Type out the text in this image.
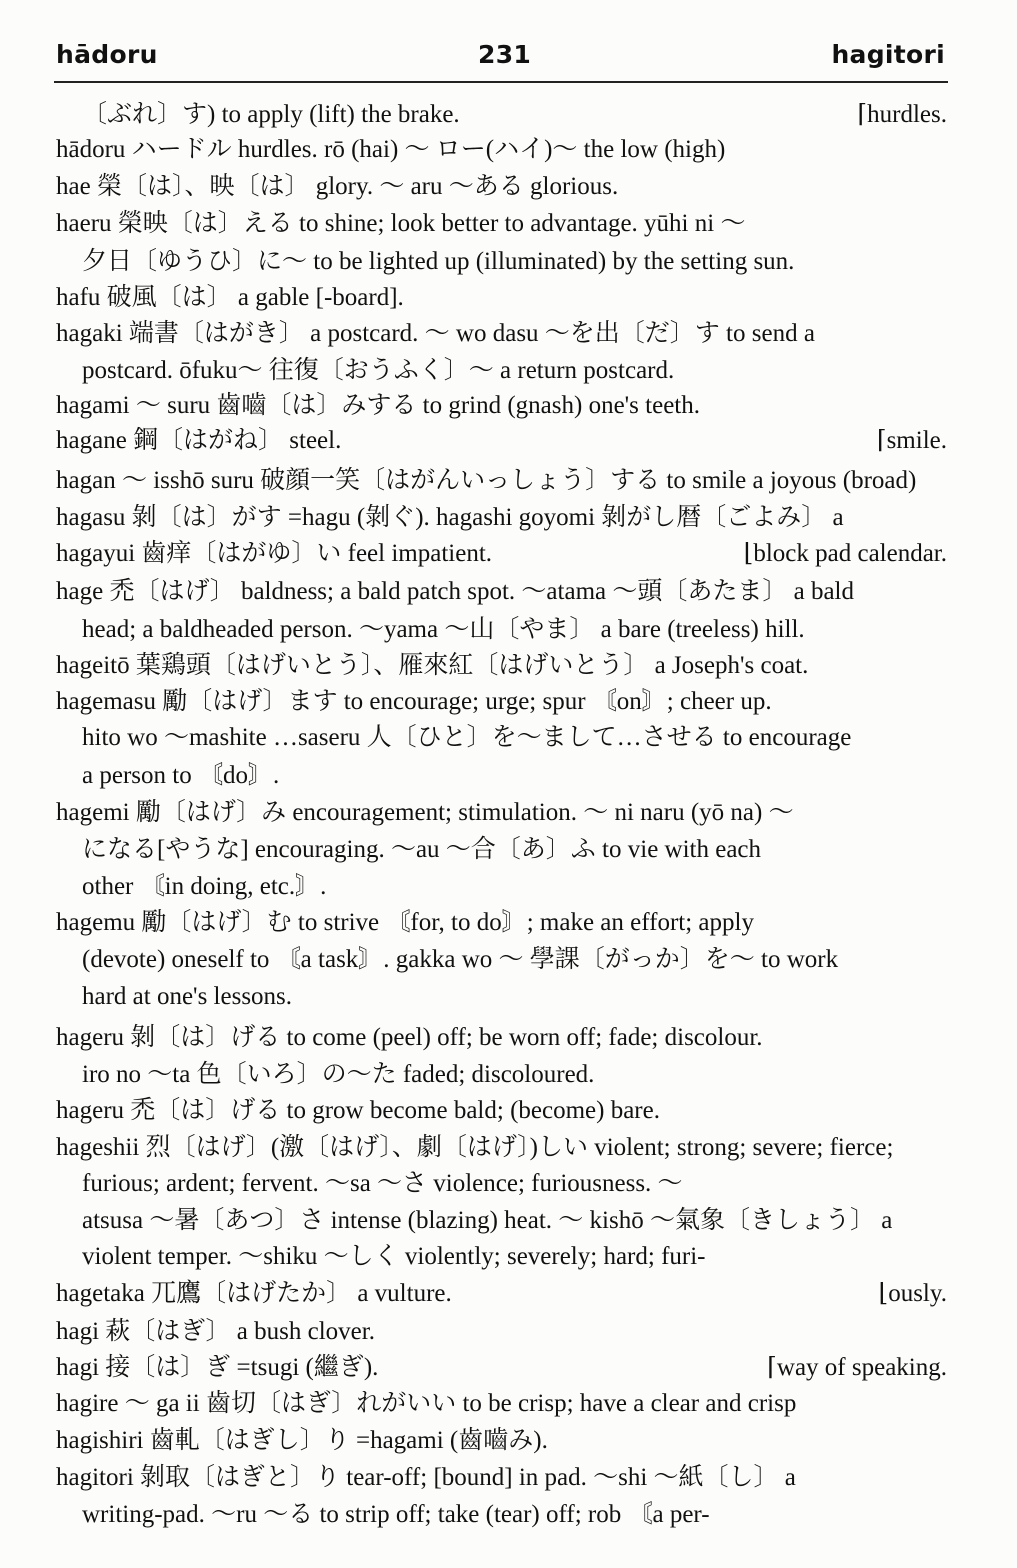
hādoru	231	hagitori
〔ぶれ〕す) to apply (lift) the brake.	⌈hurdles.
hādoru ハードル hurdles. rō (hai) ～ ロー(ハイ)～ the low (high)
hae 榮〔は〕、映〔は〕 glory. ～ aru ～ある glorious.
haeru 榮映〔は〕える to shine; look better to advantage. yūhi ni ～
夕日〔ゆうひ〕に～ to be lighted up (illuminated) by the setting sun.
hafu 破風〔は〕 a gable [-board].
hagaki 端書〔はがき〕 a postcard. ～ wo dasu ～を出〔だ〕す to send a
postcard. ōfuku～ 往復〔おうふく〕～ a return postcard.
hagami ～ suru 齒嚙〔は〕みする to grind (gnash) one's teeth.
hagane 鋼〔はがね〕 steel.	⌈smile.
hagan ～ isshō suru 破顔一笑〔はがんいっしょう〕する to smile a joyous (broad)
hagasu 剝〔は〕がす =hagu (剝ぐ). hagashi goyomi 剝がし暦〔ごよみ〕 a
hagayui 齒痒〔はがゆ〕い feel impatient.	⌊block pad calendar.
hage 禿〔はげ〕 baldness; a bald patch spot. ～atama ～頭〔あたま〕 a bald
head; a baldheaded person. ～yama ～山〔やま〕 a bare (treeless) hill.
hageitō 葉鶏頭〔はげいとう〕、雁來紅〔はげいとう〕 a Joseph's coat.
hagemasu 勵〔はげ〕ます to encourage; urge; spur 〘on〙; cheer up.
hito wo ～mashite …saseru 人〔ひと〕を～まして…させる to encourage
a person to 〘do〙.
hagemi 勵〔はげ〕み encouragement; stimulation. ～ ni naru (yō na) ～
になる[やうな] encouraging. ～au ～合〔あ〕ふ to vie with each
other 〘in doing, etc.〙.
hagemu 勵〔はげ〕む to strive 〘for, to do〙; make an effort; apply
(devote) oneself to 〘a task〙. gakka wo ～ 學課〔がっか〕を～ to work
hard at one's lessons.
hageru 剝〔は〕げる to come (peel) off; be worn off; fade; discolour.
iro no ～ta 色〔いろ〕の～た faded; discoloured.
hageru 禿〔は〕げる to grow become bald; (become) bare.
hageshii 烈〔はげ〕(激〔はげ〕、劇〔はげ〕)しい violent; strong; severe; fierce;
furious; ardent; fervent. ～sa ～さ violence; furiousness. ～
atsusa ～暑〔あつ〕さ intense (blazing) heat. ～ kishō ～氣象〔きしょう〕 a
violent temper. ～shiku ～しく violently; severely; hard; furi-
hagetaka 兀鷹〔はげたか〕 a vulture.	⌊ously.
hagi 萩〔はぎ〕 a bush clover.
hagi 接〔は〕ぎ =tsugi (繼ぎ).	⌈way of speaking.
hagire ～ ga ii 齒切〔はぎ〕れがいい to be crisp; have a clear and crisp
hagishiri 齒軋〔はぎし〕り =hagami (齒嚙み).
hagitori 剝取〔はぎと〕り tear-off; [bound] in pad. ～shi ～紙〔し〕 a
writing-pad. ～ru ～る to strip off; take (tear) off; rob 〘a per-
